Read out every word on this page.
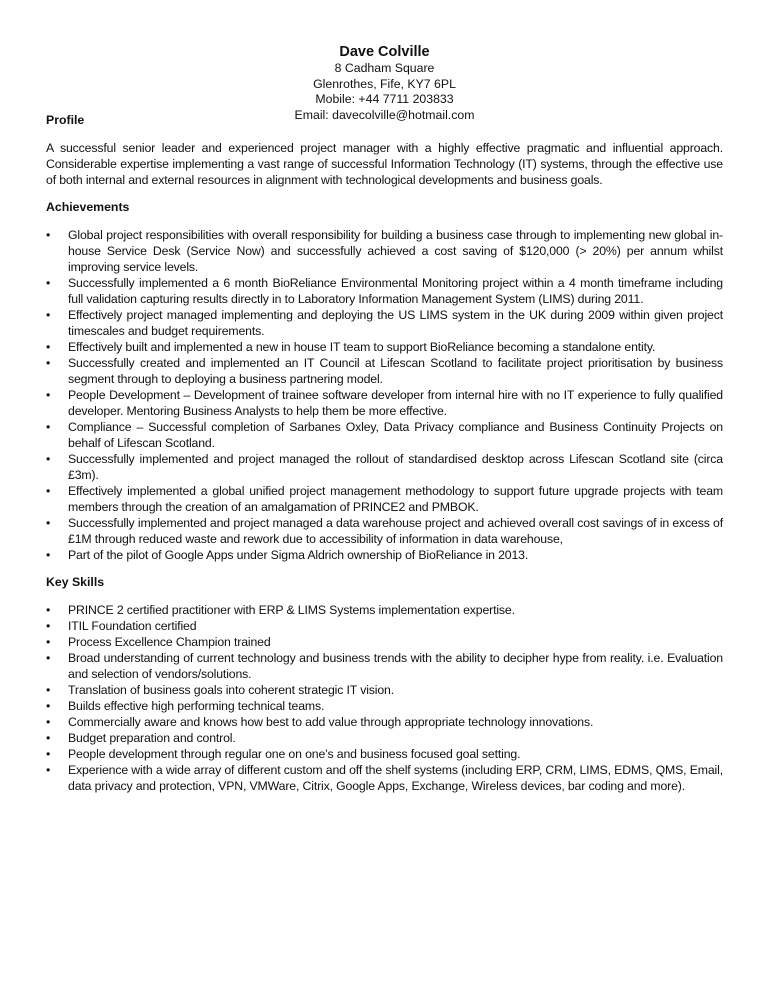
Dave Colville
8 Cadham Square
Glenrothes, Fife, KY7 6PL
Mobile: +44 7711 203833
Email: davecolville@hotmail.com
Profile

A successful senior leader and experienced project manager with a highly effective pragmatic and influential approach. Considerable expertise implementing a vast range of successful Information Technology (IT) systems, through the effective use of both internal and external resources in alignment with technological developments and business goals.

Achievements
•	Global project responsibilities with overall responsibility for building a business case through to implementing new global in-house Service Desk (Service Now) and successfully achieved a cost saving of $120,000 (> 20%) per annum whilst improving service levels.
•	Successfully implemented a 6 month BioReliance Environmental Monitoring project within a 4 month timeframe including full validation capturing results directly in to Laboratory Information Management System (LIMS) during 2011.
•	Effectively project managed implementing and deploying the US LIMS system in the UK during 2009 within given project timescales and budget requirements.
•	Effectively built and implemented a new in house IT team to support BioReliance becoming a standalone entity.
•	Successfully created and implemented an IT Council at Lifescan Scotland to facilitate project prioritisation by business segment through to deploying a business partnering model.
•	People Development – Development of trainee software developer from internal hire with no IT experience to fully qualified developer. Mentoring Business Analysts to help them be more effective.
•	Compliance – Successful completion of Sarbanes Oxley, Data Privacy compliance and Business Continuity Projects on behalf of Lifescan Scotland.
•	Successfully implemented and project managed the rollout of standardised desktop across Lifescan Scotland site (circa £3m).
•	Effectively implemented a global unified project management methodology to support future upgrade projects with team members through the creation of an amalgamation of PRINCE2 and PMBOK.
•	Successfully implemented and project managed a data warehouse project and achieved overall cost savings of in excess of £1M through reduced waste and rework due to accessibility of information in data warehouse,
•	Part of the pilot of Google Apps under Sigma Aldrich ownership of BioReliance in 2013.
Key Skills
•	PRINCE 2 certified practitioner with ERP & LIMS Systems implementation expertise.
•	ITIL Foundation certified
•	Process Excellence Champion trained
•	Broad understanding of current technology and business trends with the ability to decipher hype from reality. i.e. Evaluation and selection of vendors/solutions.
•	Translation of business goals into coherent strategic IT vision.
•	Builds effective high performing technical teams.
•	Commercially aware and knows how best to add value through appropriate technology innovations.
•	Budget preparation and control.
•	People development through regular one on one’s and business focused goal setting.
•	Experience with a wide array of different custom and off the shelf systems (including ERP, CRM, LIMS, EDMS, QMS, Email, data privacy and protection, VPN, VMWare, Citrix, Google Apps, Exchange, Wireless devices, bar coding and more).
